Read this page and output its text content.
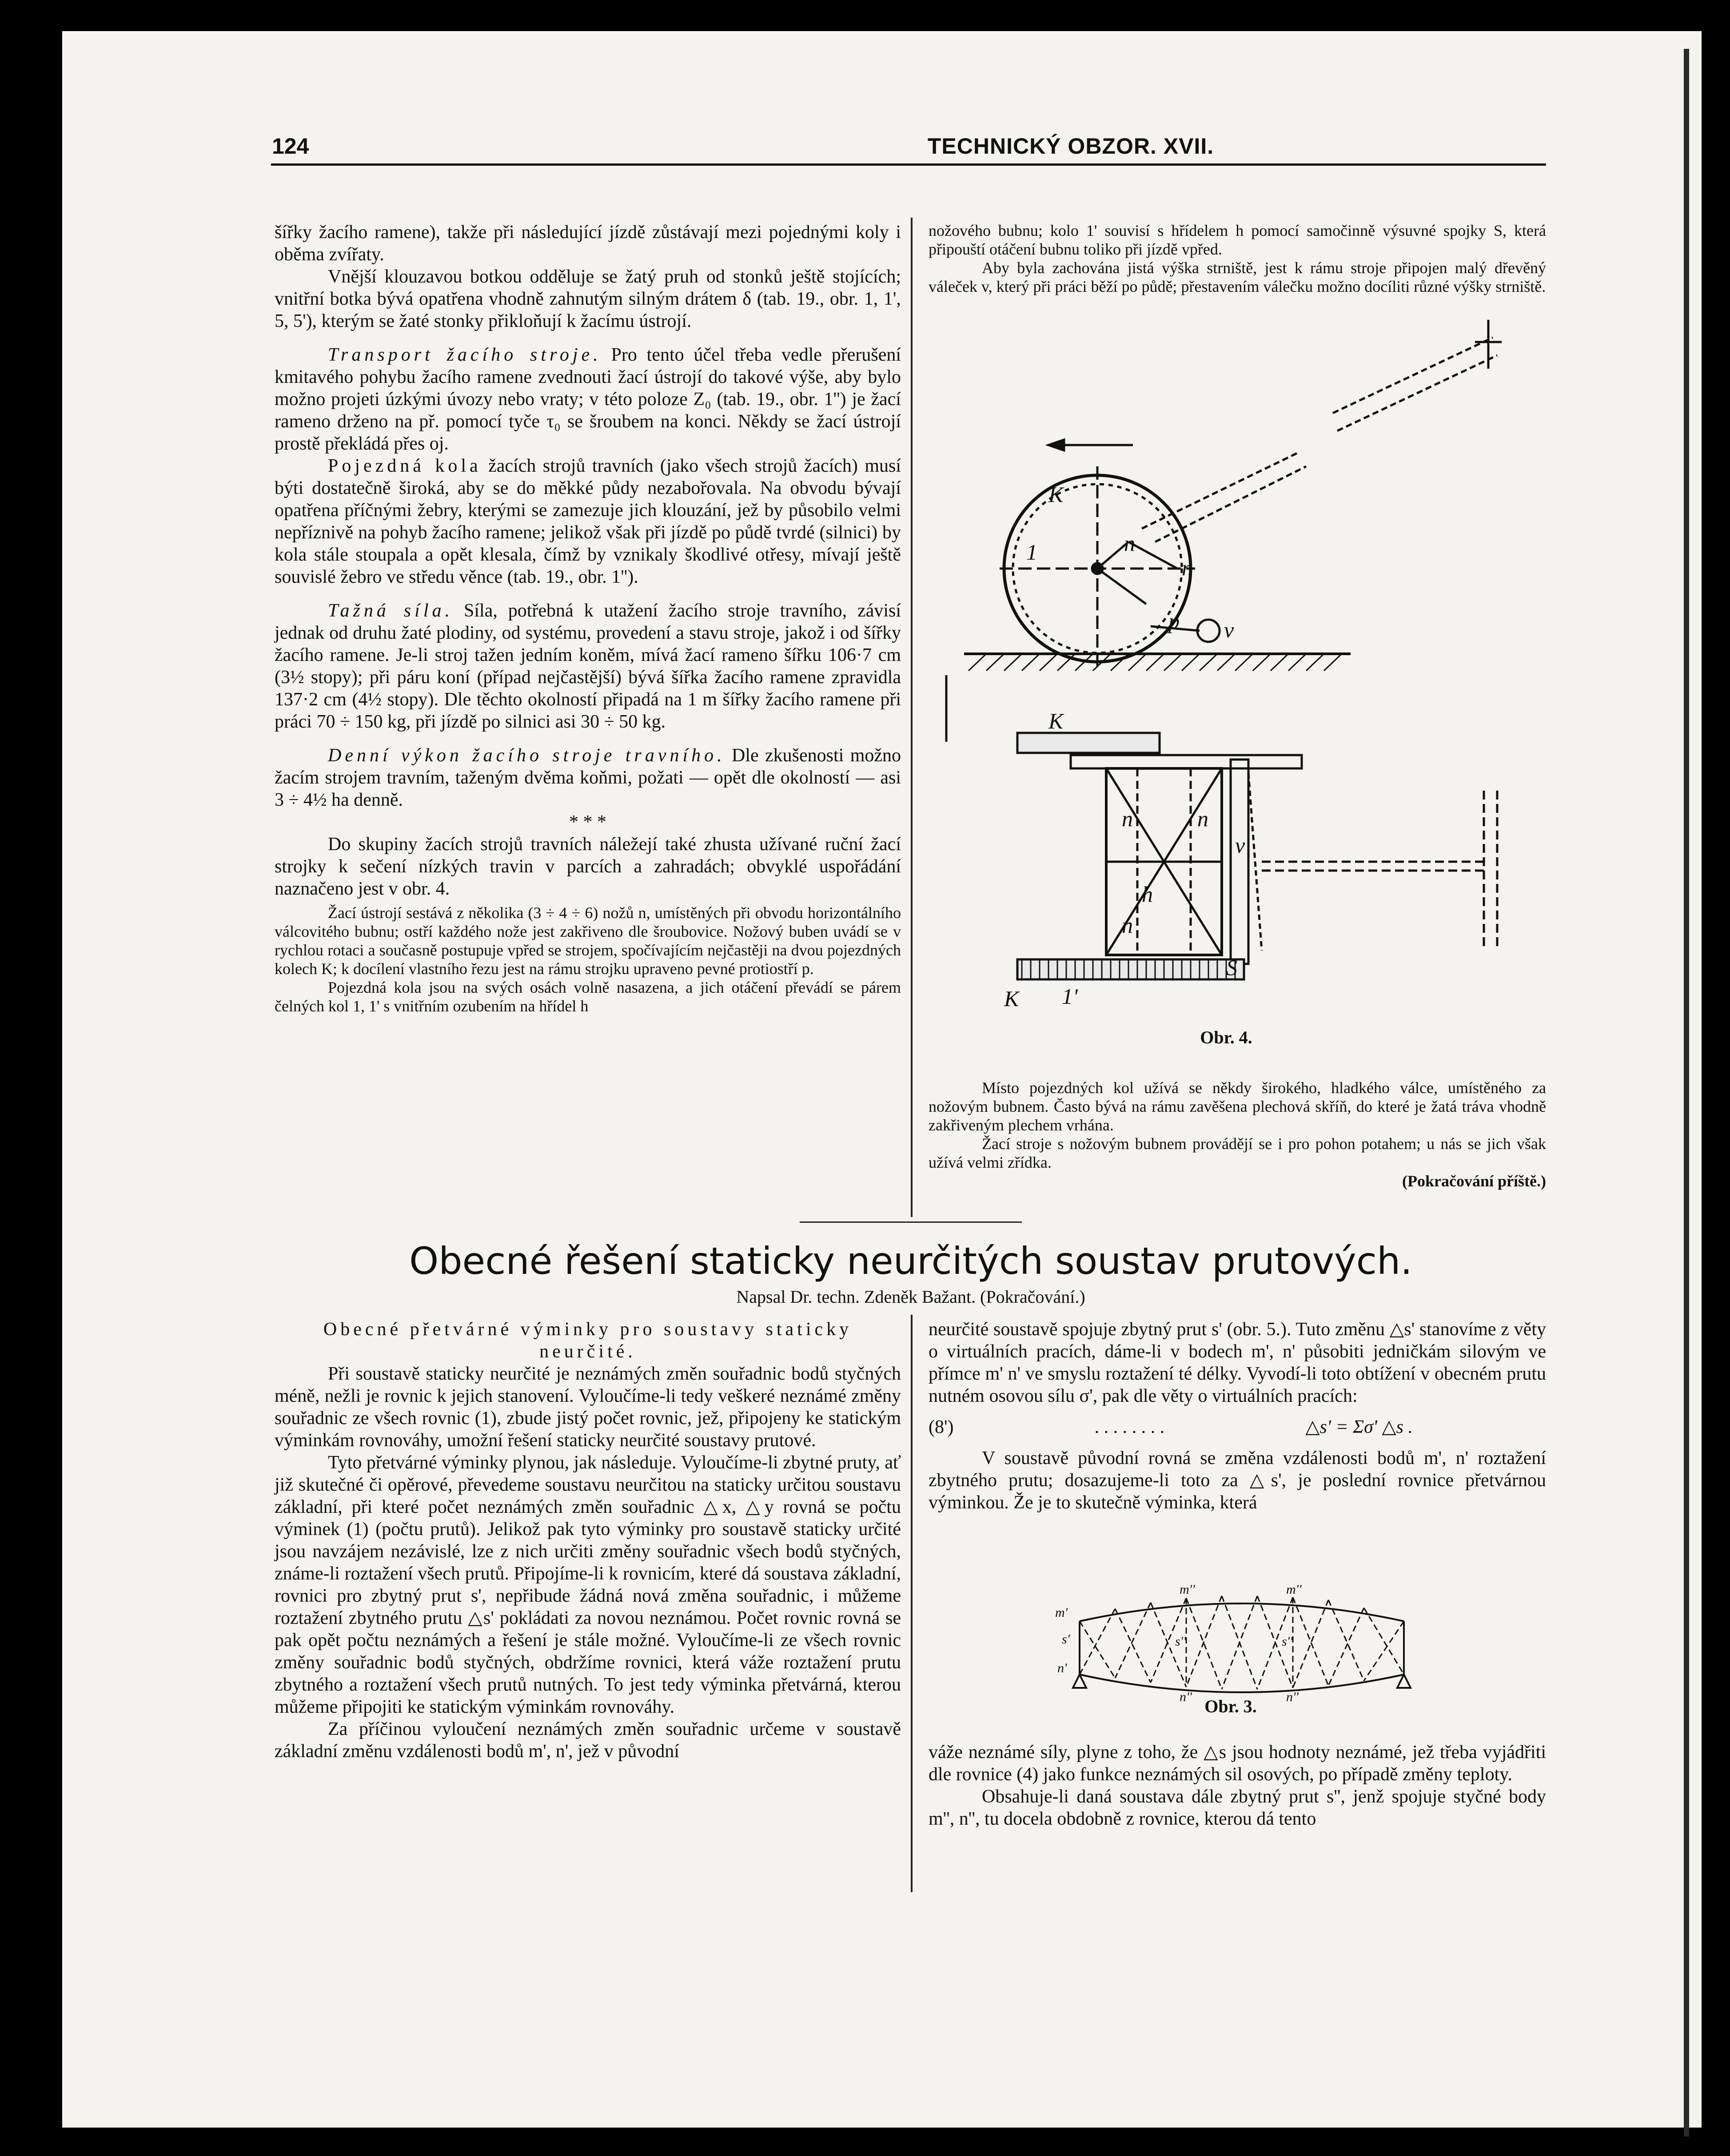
124	TECHNICKÝ OBZOR. XVII.

šířky žacího ramene), takže při následující jízdě zůstávají mezi pojednými koly i oběma zvířaty.

Vnější klouzavou botkou odděluje se žatý pruh od stonků ještě stojících; vnitřní botka bývá opatřena vhodně zahnutým silným drátem δ (tab. 19., obr. 1, 1', 5, 5'), kterým se žaté stonky přikloňují k žacímu ústrojí.

Transport žacího stroje. Pro tento účel třeba vedle přerušení kmitavého pohybu žacího ramene zvednouti žací ústrojí do takové výše, aby bylo možno projeti úzkými úvozy nebo vraty; v této poloze Z₀ (tab. 19., obr. 1'') je žací rameno drženo na př. pomocí tyče τ₀ se šroubem na konci. Někdy se žací ústrojí prostě překládá přes oj.

Pojezdná kola žacích strojů travních (jako všech strojů žacích) musí býti dostatečně široká, aby se do měkké půdy nezabořovala. Na obvodu bývají opatřena příčnými žebry, kterými se zamezuje jich klouzání, jež by působilo velmi nepříznivě na pohyb žacího ramene; jelikož však při jízdě po půdě tvrdé (silnici) by kola stále stoupala a opět klesala, čímž by vznikaly škodlivé otřesy, mívají ještě souvislé žebro ve středu věnce (tab. 19., obr. 1'').

Tažná síla. Síla, potřebná k utažení žacího stroje travního, závisí jednak od druhu žaté plodiny, od systému, provedení a stavu stroje, jakož i od šířky žacího ramene. Je-li stroj tažen jedním koněm, mívá žací rameno šířku 106·7 cm (3½ stopy); při páru koní (případ nejčastější) bývá šířka žacího ramene zpravidla 137·2 cm (4½ stopy). Dle těchto okolností připadá na 1 m šířky žacího ramene při práci 70 ÷ 150 kg, při jízdě po silnici asi 30 ÷ 50 kg.

Denní výkon žacího stroje travního. Dle zkušenosti možno žacím strojem travním, taženým dvěma koňmi, požati — opět dle okolností — asi 3 ÷ 4½ ha denně.

* * *

Do skupiny žacích strojů travních náležejí také zhusta užívané ruční žací strojky k sečení nízkých travin v parcích a zahradách; obvyklé uspořádání naznačeno jest v obr. 4.

Žací ústrojí sestává z několika (3 ÷ 4 ÷ 6) nožů n, umístěných při obvodu horizontálního válcovitého bubnu; ostří každého nože jest zakřiveno dle šroubovice. Nožový buben uvádí se v rychlou rotaci a současně postupuje vpřed se strojem, spočívajícím nejčastěji na dvou pojezdných kolech K; k docílení vlastního řezu jest na rámu strojku upraveno pevné protiostří p.

Pojezdná kola jsou na svých osách volně nasazena, a jich otáčení převádí se párem čelných kol 1, 1' s vnitřním ozubením na hřídel h

nožového bubnu; kolo 1' souvisí s hřídelem h pomocí samočinně výsuvné spojky S, která připouští otáčení bubnu toliko při jízdě vpřed.

Aby byla zachována jistá výška strniště, jest k rámu stroje připojen malý dřevěný váleček v, který při práci běží po půdě; přestavením válečku možno docíliti různé výšky strniště.

K
n
n
1
p v
K
n	n
h
n
v
K 1'
S
Obr. 4.

Místo pojezdných kol užívá se někdy širokého, hladkého válce, umístěného za nožovým bubnem. Často bývá na rámu zavěšena plechová skříň, do které je žatá tráva vhodně zakřiveným plechem vrhána.

Žací stroje s nožovým bubnem provádějí se i pro pohon potahem; u nás se jich však užívá velmi zřídka.

(Pokračování příště.)

Obecné řešení staticky neurčitých soustav prutových.
Napsal Dr. techn. Zdeněk Bažant. (Pokračování.)

Obecné přetvárné výminky pro soustavy staticky neurčité.

Při soustavě staticky neurčité je neznámých změn souřadnic bodů styčných méně, nežli je rovnic k jejich stanovení. Vyloučíme-li tedy veškeré neznámé změny souřadnic ze všech rovnic (1), zbude jistý počet rovnic, jež, připojeny ke statickým výminkám rovnováhy, umožní řešení staticky neurčité soustavy prutové.

Tyto přetvárné výminky plynou, jak následuje. Vyloučíme-li zbytné pruty, ať již skutečné či opěrové, převedeme soustavu neurčitou na staticky určitou soustavu základní, při které počet neznámých změn souřadnic △x, △y rovná se počtu výminek (1) (počtu prutů). Jelikož pak tyto výminky pro soustavě staticky určité jsou navzájem nezávislé, lze z nich určiti změny souřadnic všech bodů styčných, známe-li roztažení všech prutů. Připojíme-li k rovnicím, které dá soustava základní, rovnici pro zbytný prut s', nepřibude žádná nová změna souřadnic, i můžeme roztažení zbytného prutu △s' pokládati za novou neznámou. Počet rovnic rovná se pak opět počtu neznámých a řešení je stále možné. Vyloučíme-li ze všech rovnic změny souřadnic bodů styčných, obdržíme rovnici, která váže roztažení prutu zbytného a roztažení všech prutů nutných. To jest tedy výminka přetvárná, kterou můžeme připojiti ke statickým výminkám rovnováhy.

Za příčinou vyloučení neznámých změn souřadnic určeme v soustavě základní změnu vzdálenosti bodů m', n', jež v původní

neurčité soustavě spojuje zbytný prut s' (obr. 5.). Tuto změnu △s' stanovíme z věty o virtuálních pracích, dáme-li v bodech m', n' působiti jedničkám silovým ve přímce m' n' ve smyslu roztažení té délky. Vyvodí-li toto obtížení v obecném prutu nutném osovou sílu σ', pak dle věty o virtuálních pracích:

(8')	. . . . . . . .	△s' = Σσ' △s .

V soustavě původní rovná se změna vzdálenosti bodů m', n' roztažení zbytného prutu; dosazujeme-li toto za △s', je poslední rovnice přetvárnou výminkou. Že je to skutečně výminka, která

m'
s'
n'
m''	m''
s''	s''
n''	n''
Obr. 3.

váže neznámé síly, plyne z toho, že △s jsou hodnoty neznámé, jež třeba vyjádřiti dle rovnice (4) jako funkce neznámých sil osových, po případě změny teploty.

Obsahuje-li daná soustava dále zbytný prut s'', jenž spojuje styčné body m'', n'', tu docela obdobně z rovnice, kterou dá tento
